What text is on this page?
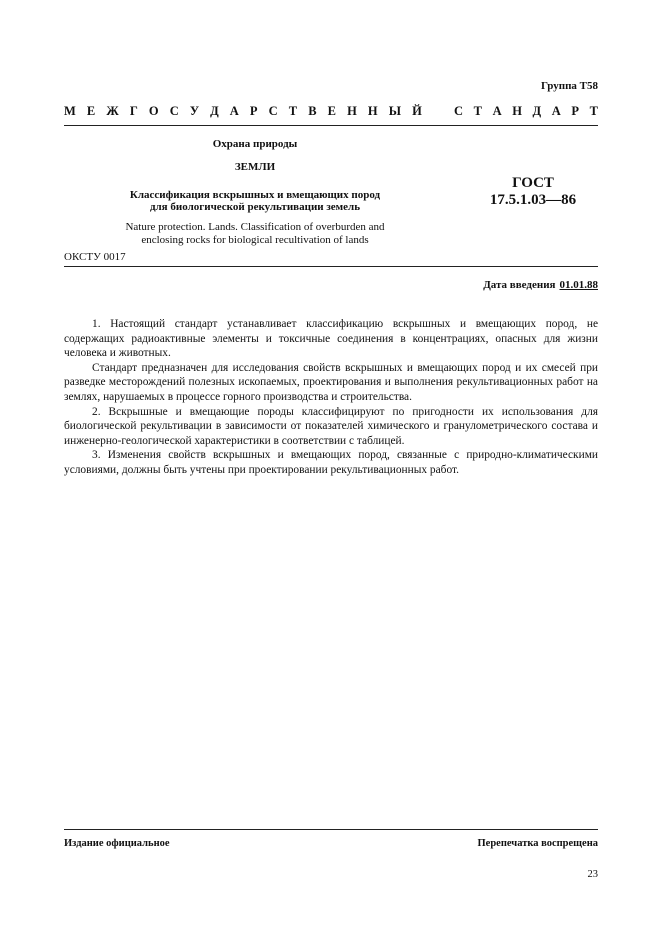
Группа Т58
М Е Ж Г О С У Д А Р С Т В Е Н Н Ы Й	С Т А Н Д А Р Т
Охрана природы
ЗЕМЛИ
Классификация вскрышных и вмещающих пород
для биологической рекультивации земель
Nature protection. Lands. Classification of overburden and
enclosing rocks for biological recultivation of lands
ГОСТ
17.5.1.03—86
ОКСТУ 0017
Дата введения 01.01.88

1. Настоящий стандарт устанавливает классификацию вскрышных и вмещающих пород, не содержащих радиоактивные элементы и токсичные соединения в концентрациях, опасных для жизни человека и животных.

Стандарт предназначен для исследования свойств вскрышных и вмещающих пород и их смесей при разведке месторождений полезных ископаемых, проектирования и выполнения рекультивационных работ на землях, нарушаемых в процессе горного производства и строительства.

2. Вскрышные и вмещающие породы классифицируют по пригодности их использования для биологической рекультивации в зависимости от показателей химического и гранулометрического состава и инженерно-геологической характеристики в соответствии с таблицей.

3. Изменения свойств вскрышных и вмещающих пород, связанные с природно-климатическими условиями, должны быть учтены при проектировании рекультивационных работ.

Издание официальное	Перепечатка воспрещена
23
